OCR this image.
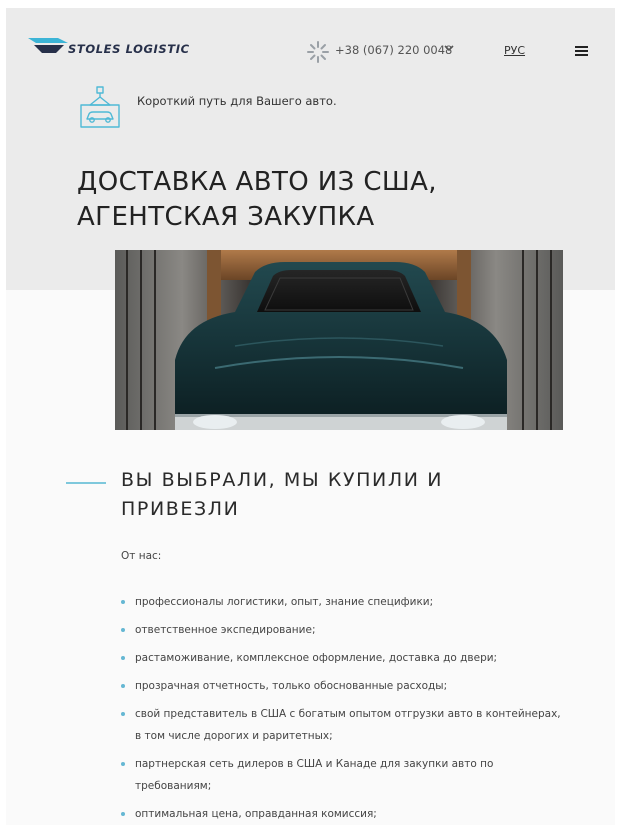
STOLES LOGISTIC	+38 (067) 220 0048	РУС
Короткий путь для Вашего авто.
ДОСТАВКА АВТО ИЗ США, АГЕНТСКАЯ ЗАКУПКА
ВЫ ВЫБРАЛИ, МЫ КУПИЛИ И ПРИВЕЗЛИ
От нас:
профессионалы логистики, опыт, знание специфики;
ответственное экспедирование;
растаможивание, комплексное оформление, доставка до двери;
прозрачная отчетность, только обоснованные расходы;
свой представитель в США с богатым опытом отгрузки авто в контейнерах, в том числе дорогих и раритетных;
партнерская сеть дилеров в США и Канаде для закупки авто по требованиям;
оптимальная цена, оправданная комиссия;
